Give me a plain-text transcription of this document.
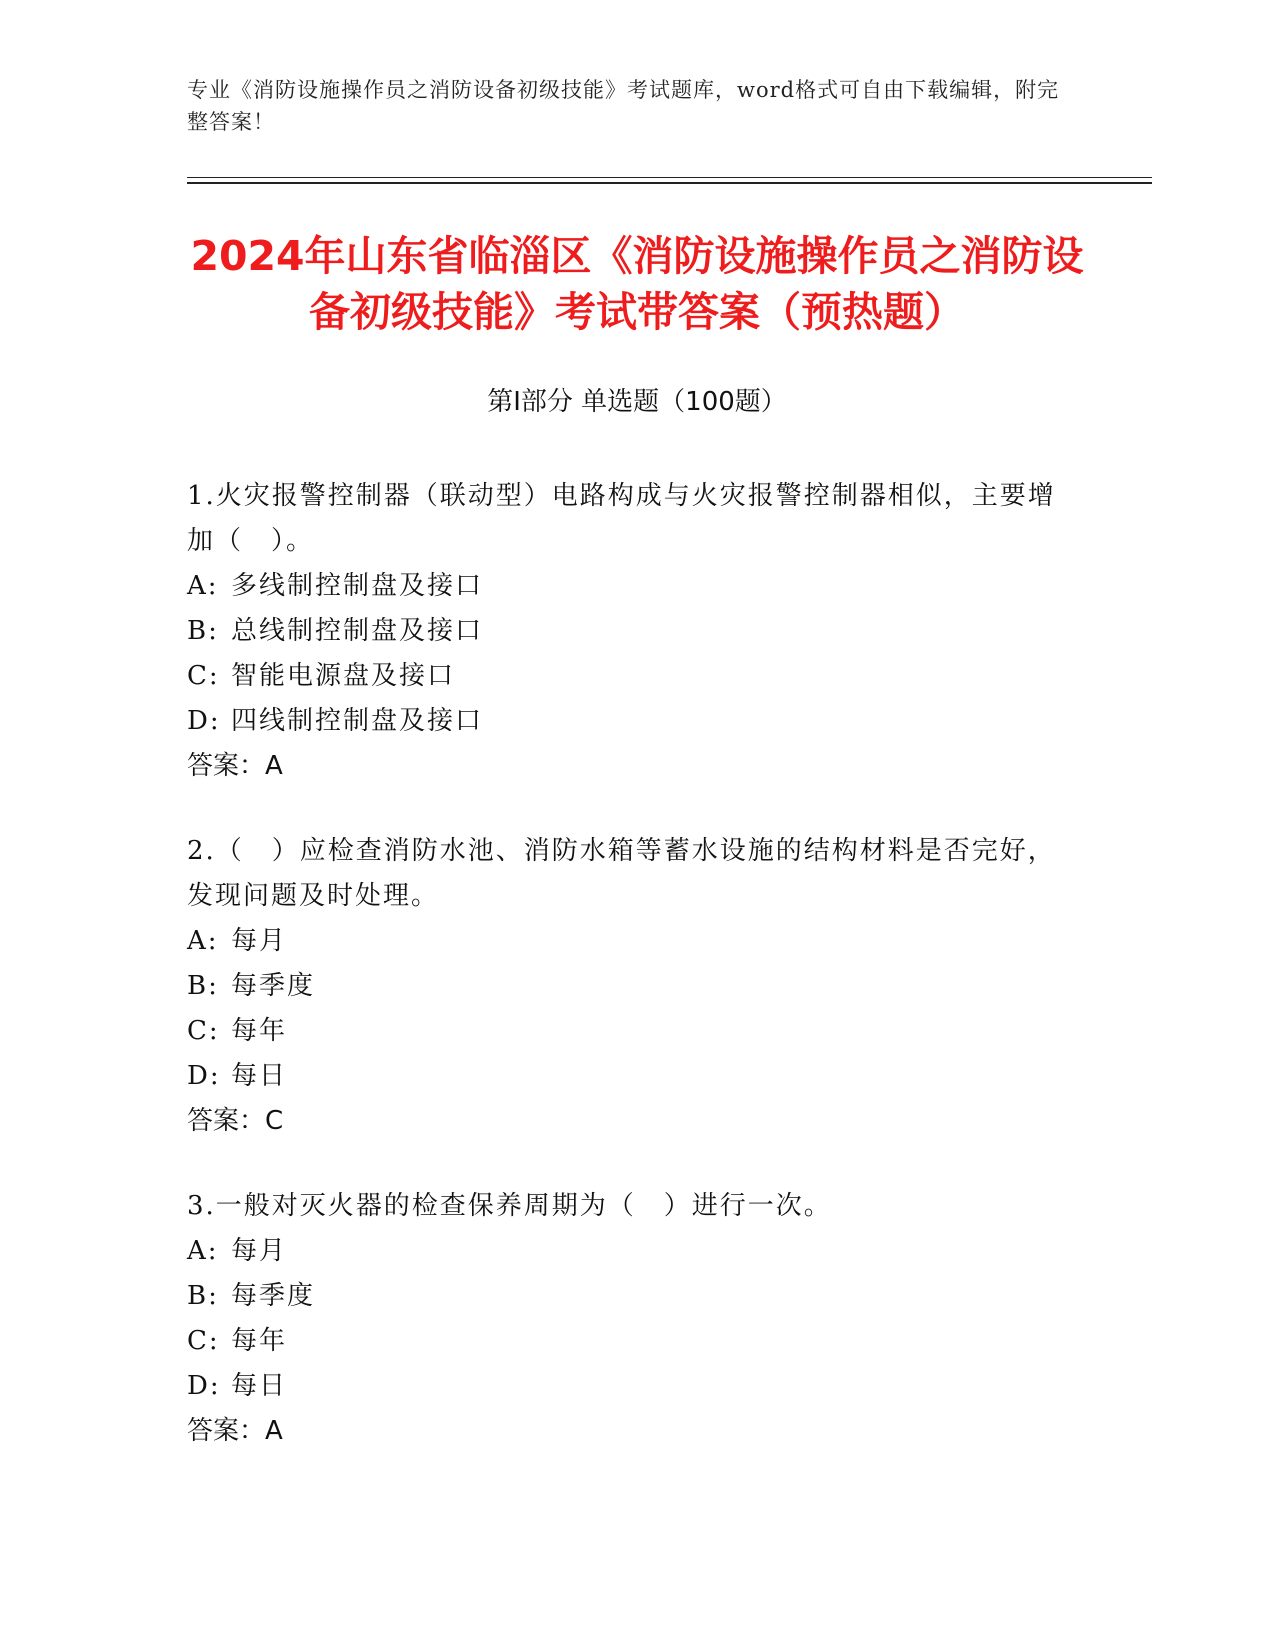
专业《消防设施操作员之消防设备初级技能》考试题库，word格式可自由下载编辑，附完整答案！
2024年山东省临淄区《消防设施操作员之消防设备初级技能》考试带答案（预热题）
第Ⅰ部分 单选题（100题）

1.火灾报警控制器（联动型）电路构成与火灾报警控制器相似，主要增加（　）。

A: 多线制控制盘及接口

B: 总线制控制盘及接口

C: 智能电源盘及接口

D: 四线制控制盘及接口

答案：A

2.（　）应检查消防水池、消防水箱等蓄水设施的结构材料是否完好，发现问题及时处理。

A: 每月

B: 每季度

C: 每年

D: 每日

答案：C

3.一般对灭火器的检查保养周期为（　）进行一次。

A: 每月

B: 每季度

C: 每年

D: 每日

答案：A
